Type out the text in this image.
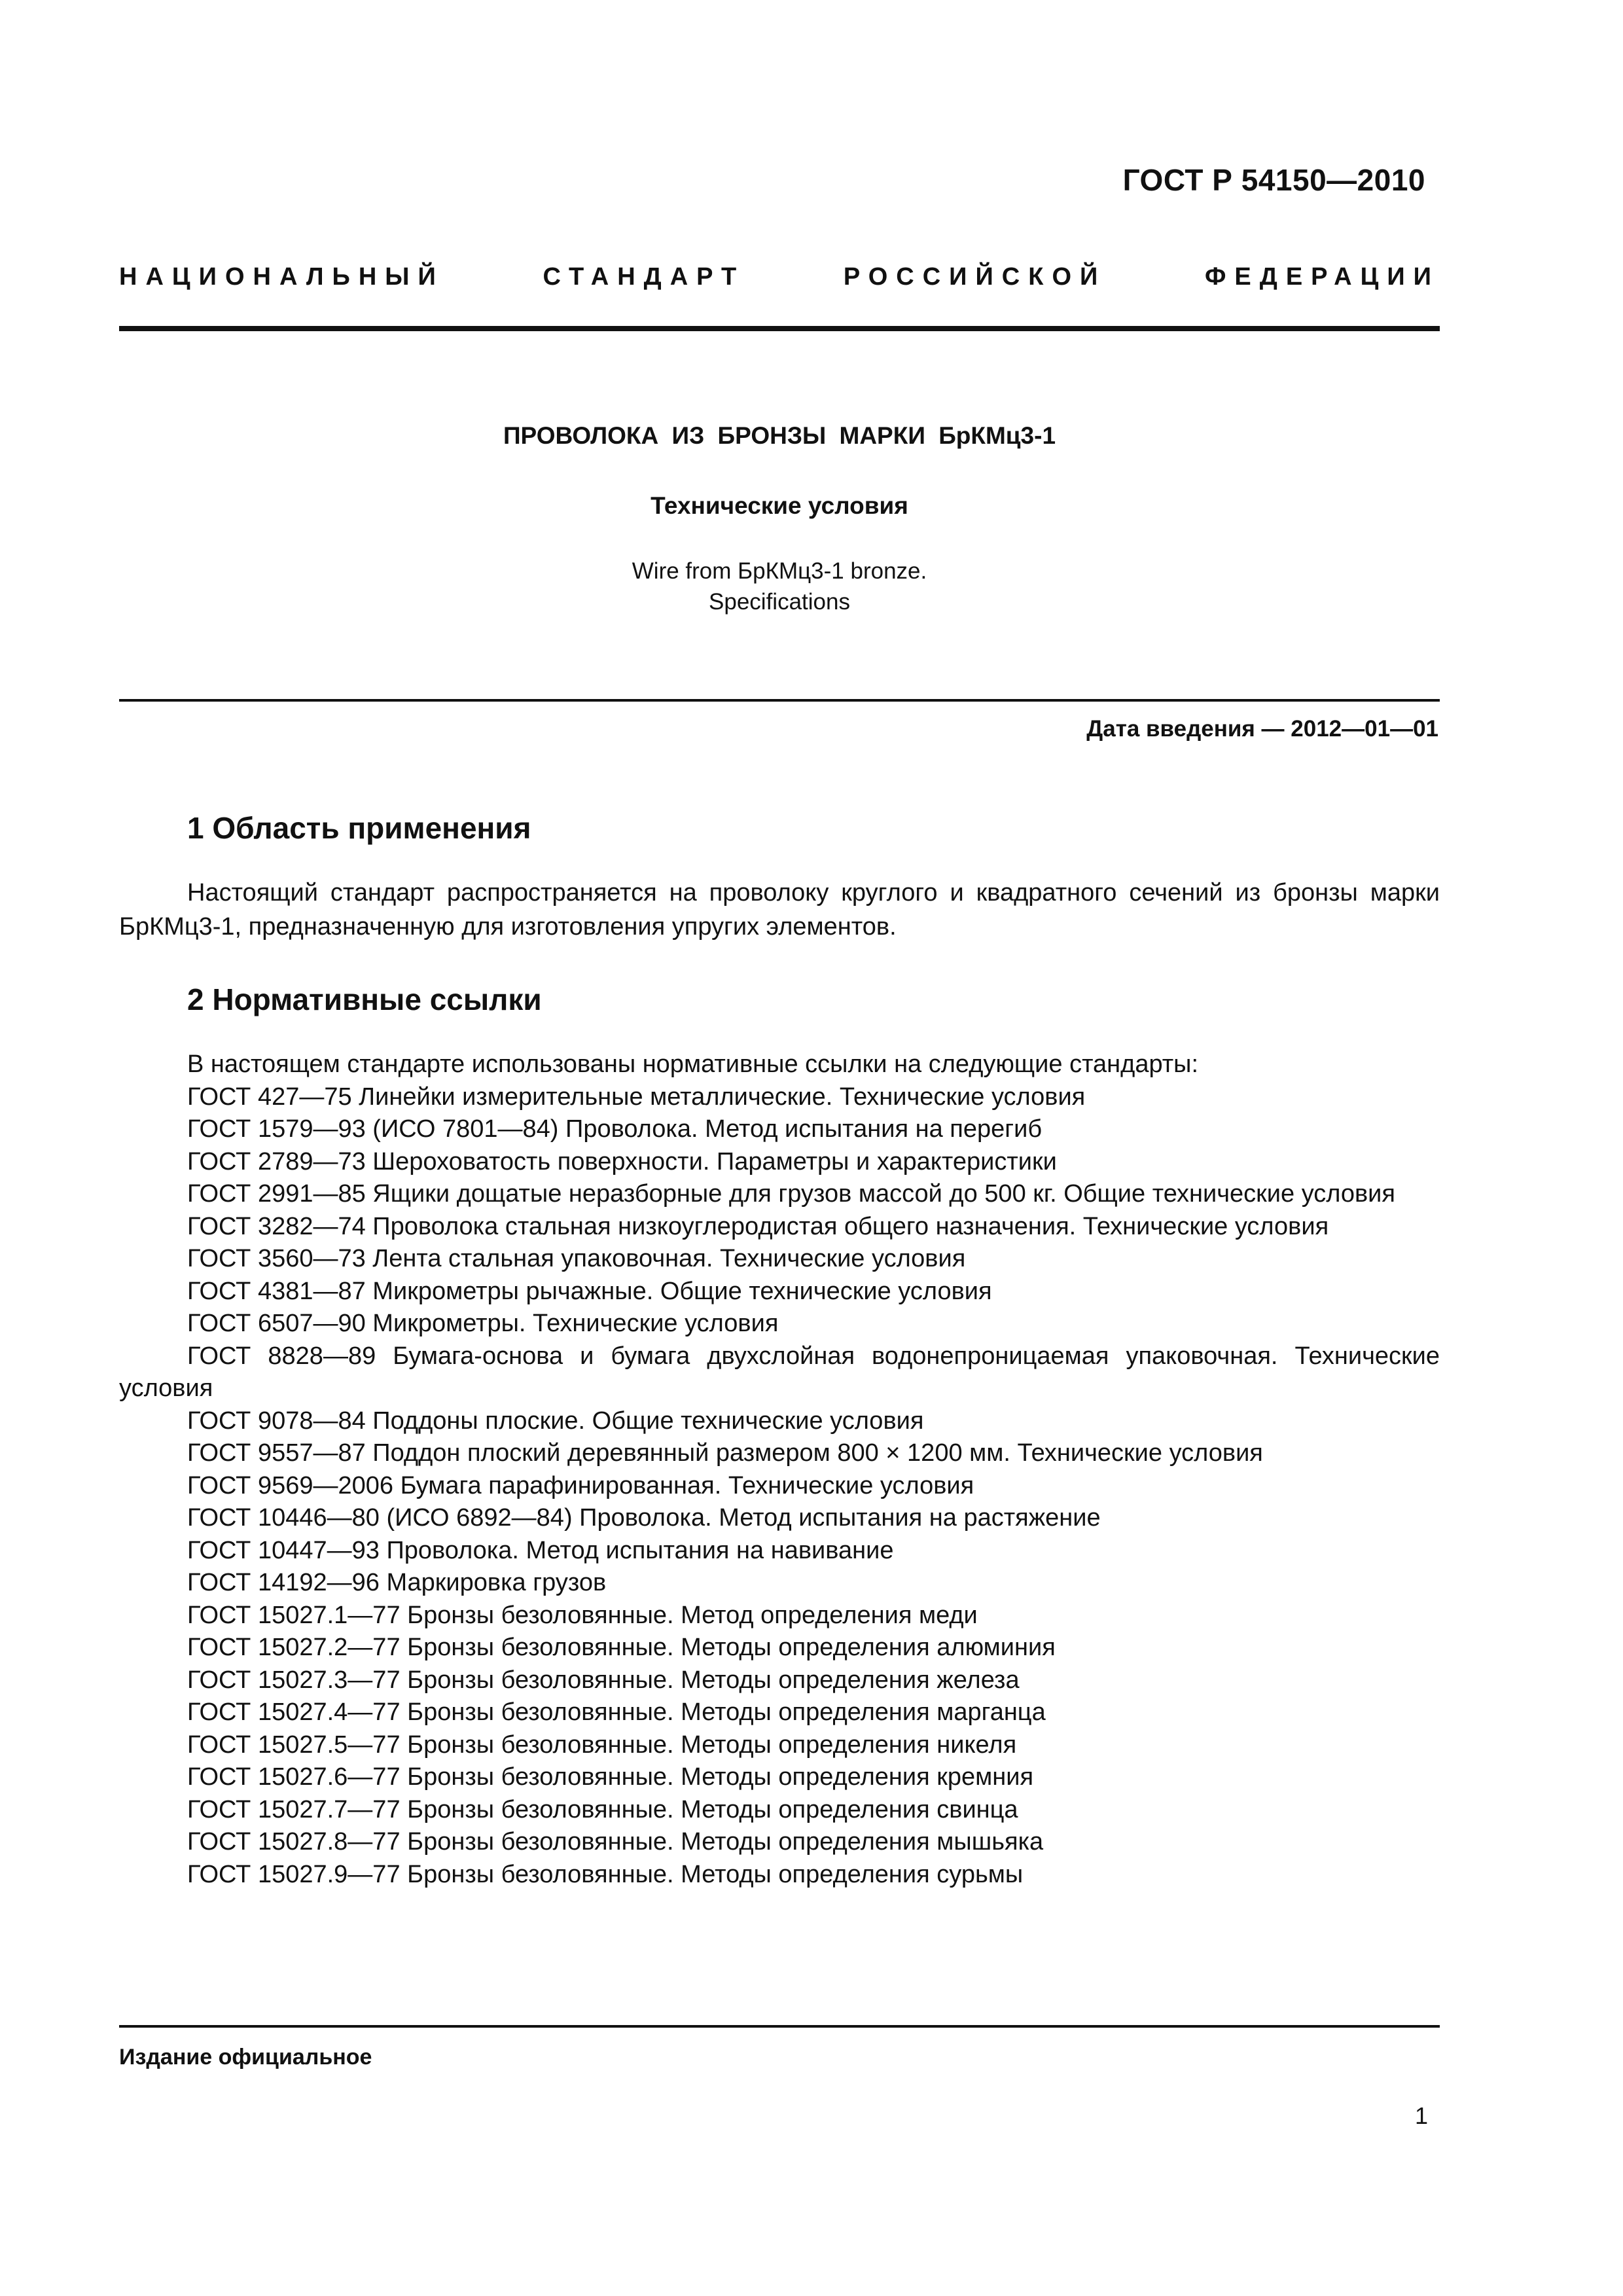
ГОСТ Р 54150—2010
НАЦИОНАЛЬНЫЙ	СТАНДАРТ	РОССИЙСКОЙ	ФЕДЕРАЦИИ
ПРОВОЛОКА ИЗ БРОНЗЫ МАРКИ БрКМц3-1
Технические условия
Wire from БрКМц3-1 bronze.
Specifications
Дата введения — 2012—01—01
1 Область применения
Настоящий стандарт распространяется на проволоку круглого и квадратного сечений из бронзы марки БрКМц3-1, предназначенную для изготовления упругих элементов.
2 Нормативные ссылки
В настоящем стандарте использованы нормативные ссылки на следующие стандарты:
ГОСТ 427—75 Линейки измерительные металлические. Технические условия
ГОСТ 1579—93 (ИСО 7801—84) Проволока. Метод испытания на перегиб
ГОСТ 2789—73 Шероховатость поверхности. Параметры и характеристики
ГОСТ 2991—85 Ящики дощатые неразборные для грузов массой до 500 кг. Общие технические условия
ГОСТ 3282—74 Проволока стальная низкоуглеродистая общего назначения. Технические условия
ГОСТ 3560—73 Лента стальная упаковочная. Технические условия
ГОСТ 4381—87 Микрометры рычажные. Общие технические условия
ГОСТ 6507—90 Микрометры. Технические условия
ГОСТ 8828—89 Бумага-основа и бумага двухслойная водонепроницаемая упаковочная. Технические условия
ГОСТ 9078—84 Поддоны плоские. Общие технические условия
ГОСТ 9557—87 Поддон плоский деревянный размером 800 × 1200 мм. Технические условия
ГОСТ 9569—2006 Бумага парафинированная. Технические условия
ГОСТ 10446—80 (ИСО 6892—84) Проволока. Метод испытания на растяжение
ГОСТ 10447—93 Проволока. Метод испытания на навивание
ГОСТ 14192—96 Маркировка грузов
ГОСТ 15027.1—77 Бронзы безоловянные. Метод определения меди
ГОСТ 15027.2—77 Бронзы безоловянные. Методы определения алюминия
ГОСТ 15027.3—77 Бронзы безоловянные. Методы определения железа
ГОСТ 15027.4—77 Бронзы безоловянные. Методы определения марганца
ГОСТ 15027.5—77 Бронзы безоловянные. Методы определения никеля
ГОСТ 15027.6—77 Бронзы безоловянные. Методы определения кремния
ГОСТ 15027.7—77 Бронзы безоловянные. Методы определения свинца
ГОСТ 15027.8—77 Бронзы безоловянные. Методы определения мышьяка
ГОСТ 15027.9—77 Бронзы безоловянные. Методы определения сурьмы
Издание официальное
1
